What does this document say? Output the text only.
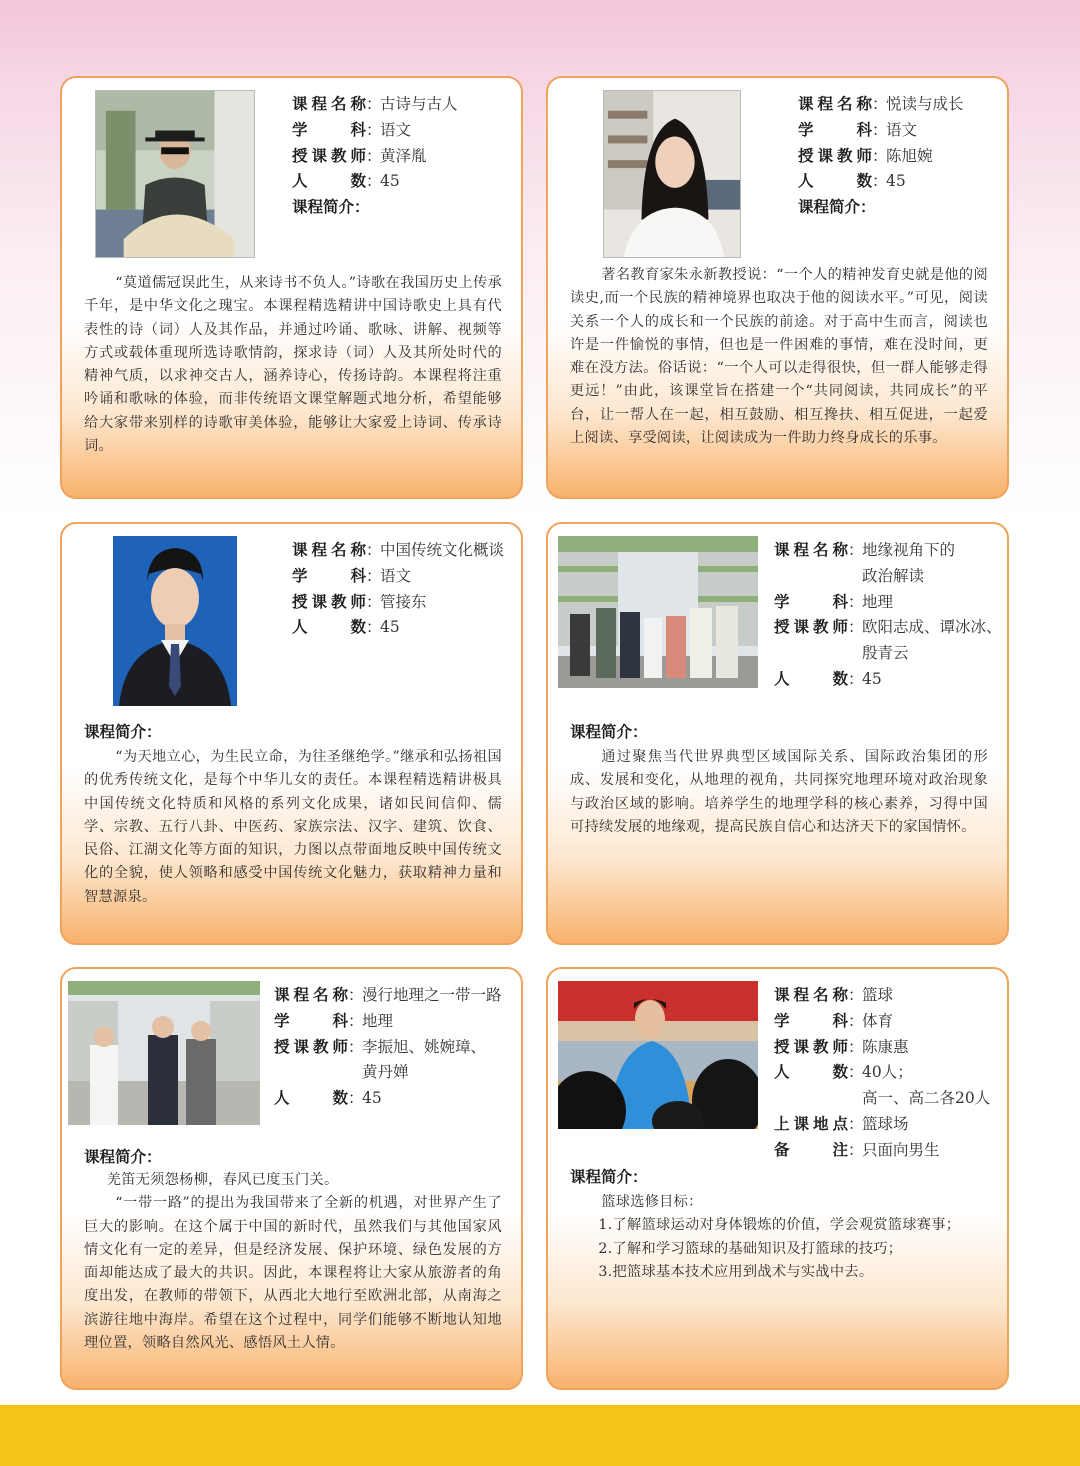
课程名称 ：
古诗与古人
学　科 ：
语文
授课教师 ：
黄泽胤
人　数 ：
45
课程简介：

“莫道儒冠误此生，从来诗书不负人。”诗歌在我国历史上传承千年，是中华文化之瑰宝。本课程精选精讲中国诗歌史上具有代表性的诗（词）人及其作品，并通过吟诵、歌咏、讲解、视频等方式或载体重现所选诗歌情韵，探求诗（词）人及其所处时代的精神气质，以求神交古人，涵养诗心，传扬诗韵。本课程将注重吟诵和歌咏的体验，而非传统语文课堂解题式地分析，希望能够给大家带来别样的诗歌审美体验，能够让大家爱上诗词、传承诗词。

课程名称 ：
悦读与成长
学　科 ：
语文
授课教师 ：
陈旭婉
人　数 ：
45
课程简介：

著名教育家朱永新教授说：“一个人的精神发育史就是他的阅读史,而一个民族的精神境界也取决于他的阅读水平。”可见，阅读关系一个人的成长和一个民族的前途。对于高中生而言，阅读也许是一件愉悦的事情，但也是一件困难的事情，难在没时间，更难在没方法。俗话说：“一个人可以走得很快，但一群人能够走得更远！”由此，该课堂旨在搭建一个“共同阅读，共同成长”的平台，让一帮人在一起，相互鼓励、相互搀扶、相互促进，一起爱上阅读、享受阅读，让阅读成为一件助力终身成长的乐事。

课程名称 ：
中国传统文化概谈
学　科 ：
语文
授课教师 ：
管接东
人　数 ：
45
课程简介：

“为天地立心，为生民立命，为往圣继绝学。”继承和弘扬祖国的优秀传统文化，是每个中华儿女的责任。本课程精选精讲极具中国传统文化特质和风格的系列文化成果，诸如民间信仰、儒学、宗教、五行八卦、中医药、家族宗法、汉字、建筑、饮食、民俗、江湖文化等方面的知识，力图以点带面地反映中国传统文化的全貌，使人领略和感受中国传统文化魅力，获取精神力量和智慧源泉。

课程名称 ：
地缘视角下的
政治解读
学　科 ：
地理
授课教师 ：
欧阳志成、谭冰冰、
殷青云
人　数 ：
45
课程简介：

通过聚焦当代世界典型区域国际关系、国际政治集团的形成、发展和变化，从地理的视角，共同探究地理环境对政治现象与政治区域的影响。培养学生的地理学科的核心素养，习得中国可持续发展的地缘观，提高民族自信心和达济天下的家国情怀。

课程名称 ：
漫行地理之一带一路
学　科 ：
地理
授课教师 ：
李振旭、姚婉璋、
黄丹婵
人　数 ：
45
课程简介：

羌笛无须怨杨柳，春风已度玉门关。

“一带一路”的提出为我国带来了全新的机遇，对世界产生了巨大的影响。在这个属于中国的新时代，虽然我们与其他国家风情文化有一定的差异，但是经济发展、保护环境、绿色发展的方面却能达成了最大的共识。因此，本课程将让大家从旅游者的角度出发，在教师的带领下，从西北大地行至欧洲北部，从南海之滨游往地中海岸。希望在这个过程中，同学们能够不断地认知地理位置，领略自然风光、感悟风土人情。

课程名称 ：
篮球
学　科 ：
体育
授课教师 ：
陈康惠
人　数 ：
40人；
高一、高二各20人
上课地点 ：
篮球场
备　注 ：
只面向男生
课程简介：

篮球选修目标：

1.了解篮球运动对身体锻炼的价值，学会观赏篮球赛事；

2.了解和学习篮球的基础知识及打篮球的技巧；

3.把篮球基本技术应用到战术与实战中去。
